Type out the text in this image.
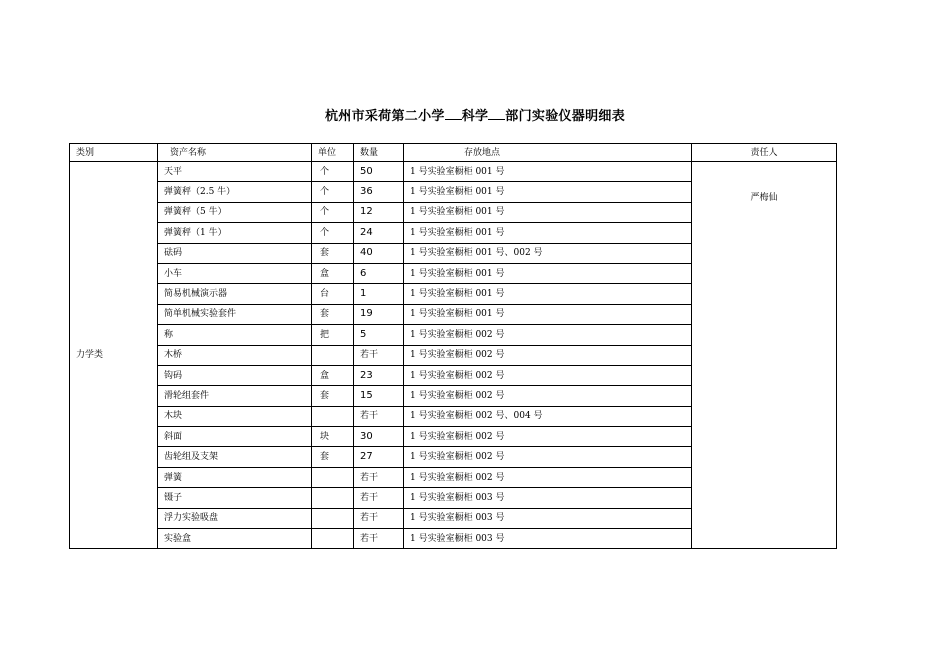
杭州市采荷第二小学 科学 部门实验仪器明细表
类别	资产名称	单位	数量	存放地点	责任人
力学类	天平	个	50	1 号实验室橱柜 001 号	严梅仙
	弹簧秤（2.5 牛）	个	36	1 号实验室橱柜 001 号	
	弹簧秤（5 牛）	个	12	1 号实验室橱柜 001 号	
	弹簧秤（1 牛）	个	24	1 号实验室橱柜 001 号	
	砝码	套	40	1 号实验室橱柜 001 号、002 号	
	小车	盒	6	1 号实验室橱柜 001 号	
	简易机械演示器	台	1	1 号实验室橱柜 001 号	
	简单机械实验套件	套	19	1 号实验室橱柜 001 号	
	称	把	5	1 号实验室橱柜 002 号	
	木桥		若干	1 号实验室橱柜 002 号	
	钩码	盒	23	1 号实验室橱柜 002 号	
	滑轮组套件	套	15	1 号实验室橱柜 002 号	
	木块		若干	1 号实验室橱柜 002 号、004 号	
	斜面	块	30	1 号实验室橱柜 002 号	
	齿轮组及支架	套	27	1 号实验室橱柜 002 号	
	弹簧		若干	1 号实验室橱柜 002 号	
	镊子		若干	1 号实验室橱柜 003 号	
	浮力实验吸盘		若干	1 号实验室橱柜 003 号	
	实验盒		若干	1 号实验室橱柜 003 号	
